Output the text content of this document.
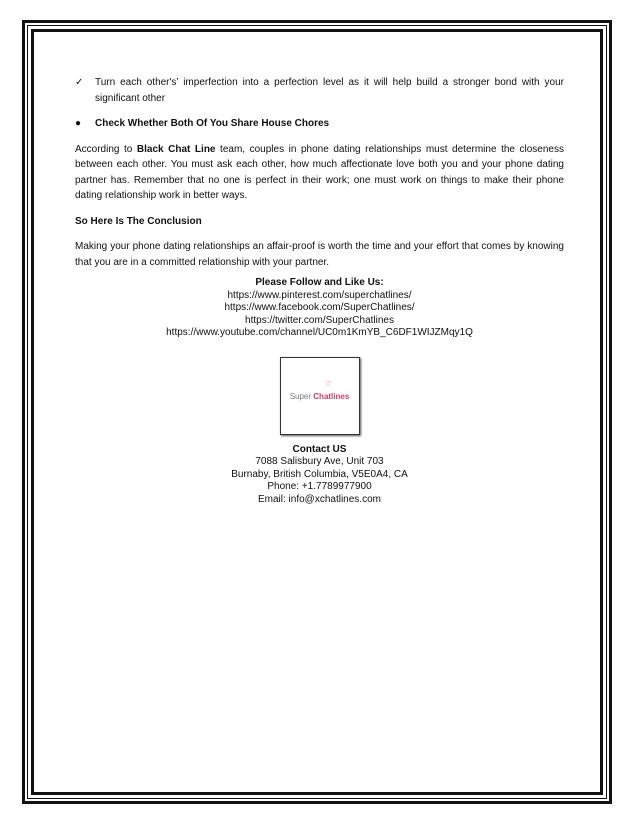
✓	Turn each other's’ imperfection into a perfection level as it will help build a stronger bond with your significant other

●	Check Whether Both Of You Share House Chores

According to Black Chat Line team, couples in phone dating relationships must determine the closeness between each other. You must ask each other, how much affectionate love both you and your phone dating partner has. Remember that no one is perfect in their work; one must work on things to make their phone dating relationship work in better ways.

So Here Is The Conclusion

Making your phone dating relationships an affair-proof is worth the time and your effort that comes by knowing that you are in a committed relationship with your partner.

Please Follow and Like Us:
https://www.pinterest.com/superchatlines/
https://www.facebook.com/SuperChatlines/
https://twitter.com/SuperChatlines
https://www.youtube.com/channel/UC0m1KmYB_C6DF1WIJZMqy1Q
♡
Super Chatlines
Contact US
7088 Salisbury Ave, Unit 703
Burnaby, British Columbia, V5E0A4, CA
Phone: +1.7789977900
Email: info@xchatlines.com
